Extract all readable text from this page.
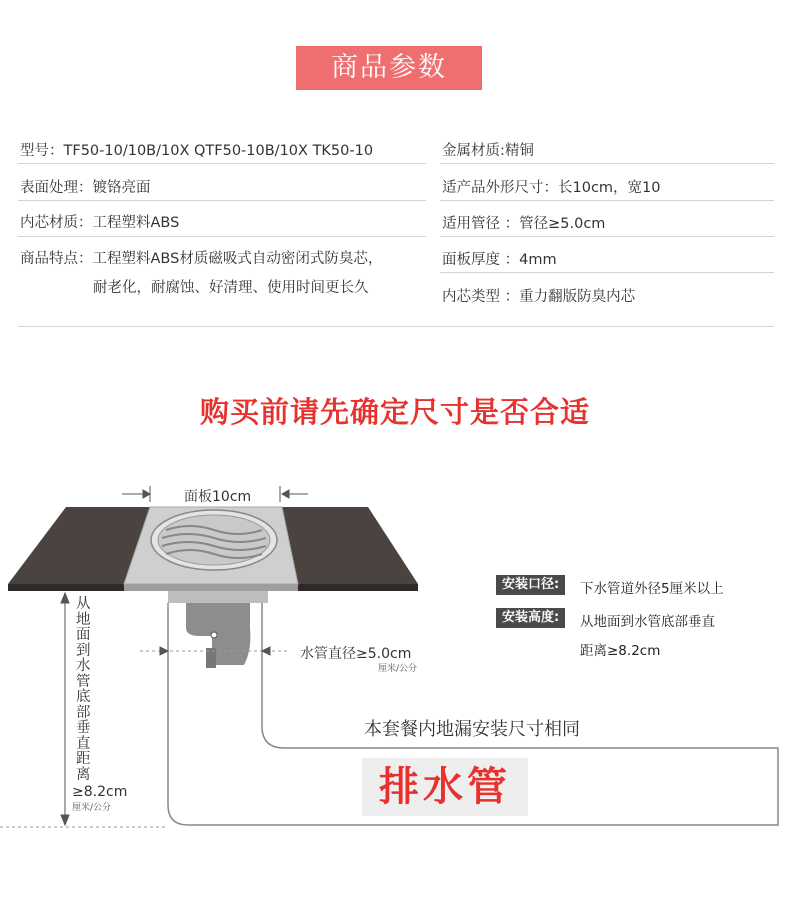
商品参数
型号：TF50-10/10B/10X QTF50-10B/10X TK50-10	金属材质:精铜
表面处理：镀铬亮面	适产品外形尺寸：长10cm，宽10
内芯材质：工程塑料ABS	适用管径 ：管径≥5.0cm
商品特点：工程塑料ABS材质磁吸式自动密闭式防臭芯，
耐老化，耐腐蚀、好清理、使用时间更长久
面板厚度 ：4mm
内芯类型 ：重力翻版防臭内芯
购买前请先确定尺寸是否合适
面板10cm
水管直径≥5.0cm
厘米/公分
从地面到水管底部垂直距离
≥8.2cm
厘米/公分
本套餐内地漏安装尺寸相同
排水管
安装口径:	下水管道外径5厘米以上
安装高度:	从地面到水管底部垂直
距离≥8.2cm
